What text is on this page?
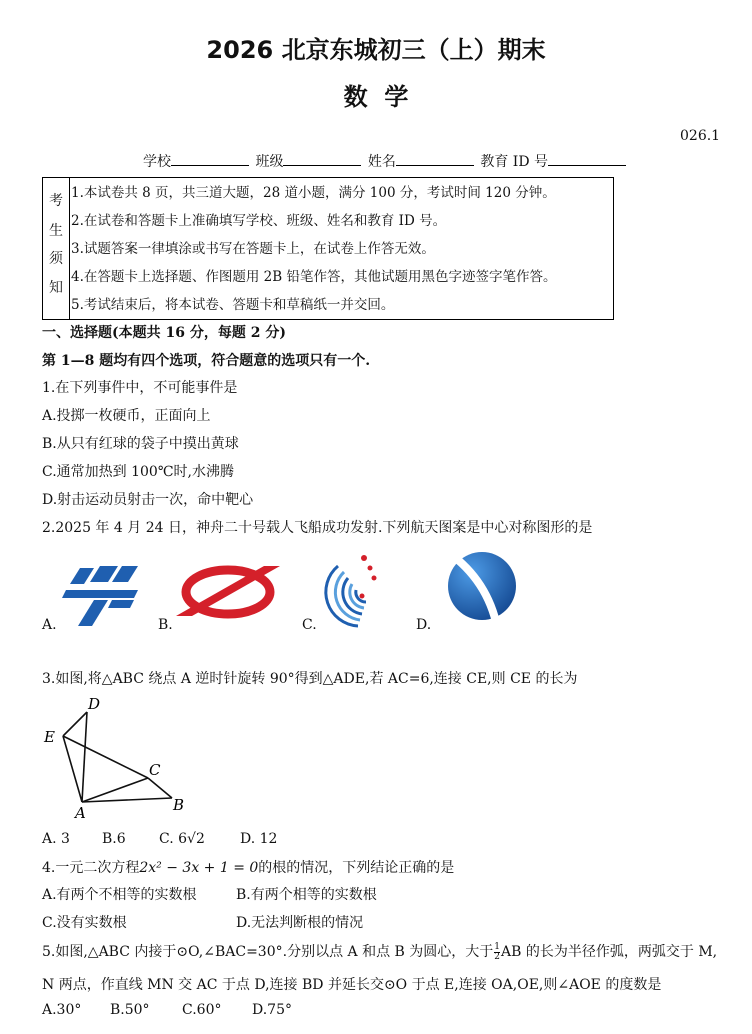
2026 北京东城初三（上）期末
数  学
026.1
学校	班级	姓名	教育 ID 号
考
生
须
知
1.本试卷共 8 页，共三道大题，28 道小题，满分 100 分，考试时间 120 分钟。
2.在试卷和答题卡上准确填写学校、班级、姓名和教育 ID 号。
3.试题答案一律填涂或书写在答题卡上，在试卷上作答无效。
4.在答题卡上选择题、作图题用 2B 铅笔作答，其他试题用黑色字迹签字笔作答。
5.考试结束后，将本试卷、答题卡和草稿纸一并交回。
一、选择题(本题共 16 分，每题 2 分)
第 1—8 题均有四个选项，符合题意的选项只有一个.
1.在下列事件中，不可能事件是
A.投掷一枚硬币，正面向上
B.从只有红球的袋子中摸出黄球
C.通常加热到 100℃时,水沸腾
D.射击运动员射击一次，命中靶心
2.2025 年 4 月 24 日，神舟二十号载人飞船成功发射.下列航天图案是中心对称图形的是
A.	B.	C.	D.
3.如图,将△ABC 绕点 A 逆时针旋转 90°得到△ADE,若 AC=6,连接 CE,则 CE 的长为
D
E
C
A	B
A. 3 B.6 C. 6√2	D. 12
4.一元二次方程2x² − 3x + 1 = 0的根的情况，下列结论正确的是
A.有两个不相等的实数根	B.有两个相等的实数根
C.没有实数根	D.无法判断根的情况
5.如图,△ABC 内接于⊙O,∠BAC=30°.分别以点 A 和点 B 为圆心，大于 $\frac{1}{2}$ AB 的长为半径作弧，两弧交于 M,
N 两点，作直线 MN 交 AC 于点 D,连接 BD 并延长交⊙O 于点 E,连接 OA,OE,则∠AOE 的度数是
A.30° B.50° C.60° D.75°
